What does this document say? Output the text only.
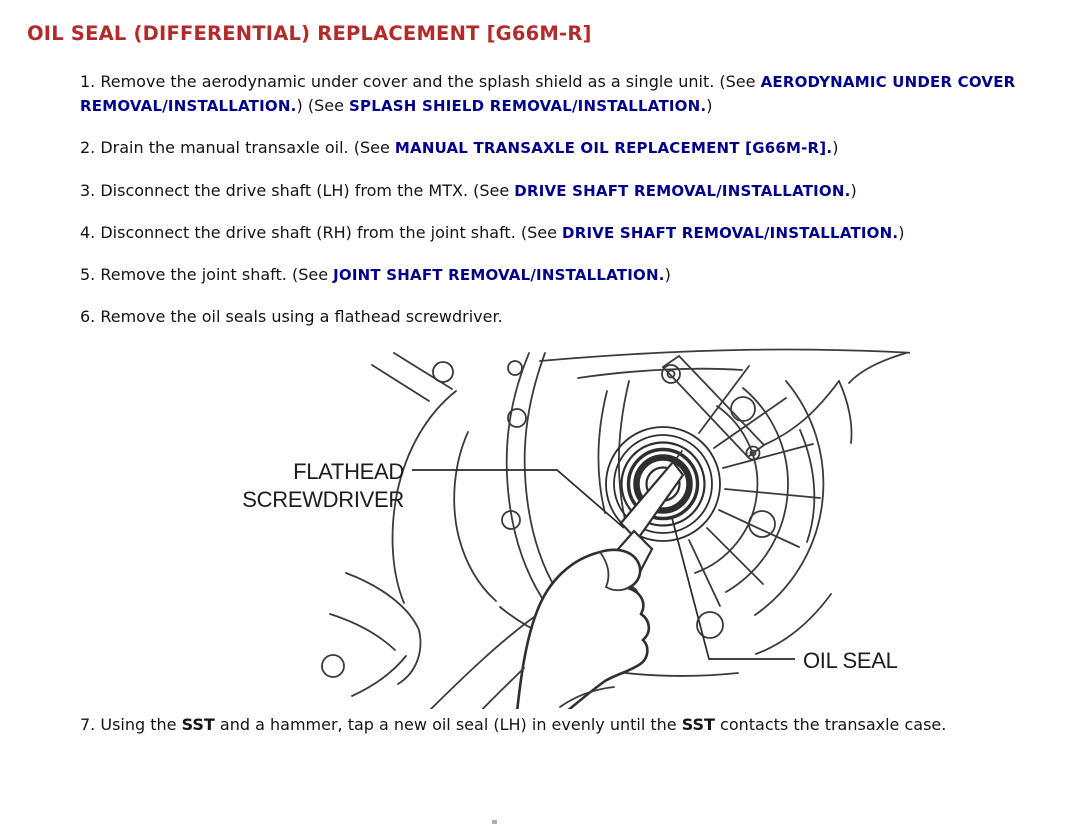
OIL SEAL (DIFFERENTIAL) REPLACEMENT [G66M-R]

1. Remove the aerodynamic under cover and the splash shield as a single unit. (See AERODYNAMIC UNDER COVER REMOVAL/INSTALLATION.) (See SPLASH SHIELD REMOVAL/INSTALLATION.)

2. Drain the manual transaxle oil. (See MANUAL TRANSAXLE OIL REPLACEMENT [G66M-R].)

3. Disconnect the drive shaft (LH) from the MTX. (See DRIVE SHAFT REMOVAL/INSTALLATION.)

4. Disconnect the drive shaft (RH) from the joint shaft. (See DRIVE SHAFT REMOVAL/INSTALLATION.)

5. Remove the joint shaft. (See JOINT SHAFT REMOVAL/INSTALLATION.)

6. Remove the oil seals using a flathead screwdriver.

FLATHEAD
SCREWDRIVER
OIL SEAL

7. Using the SST and a hammer, tap a new oil seal (LH) in evenly until the SST contacts the transaxle case.
